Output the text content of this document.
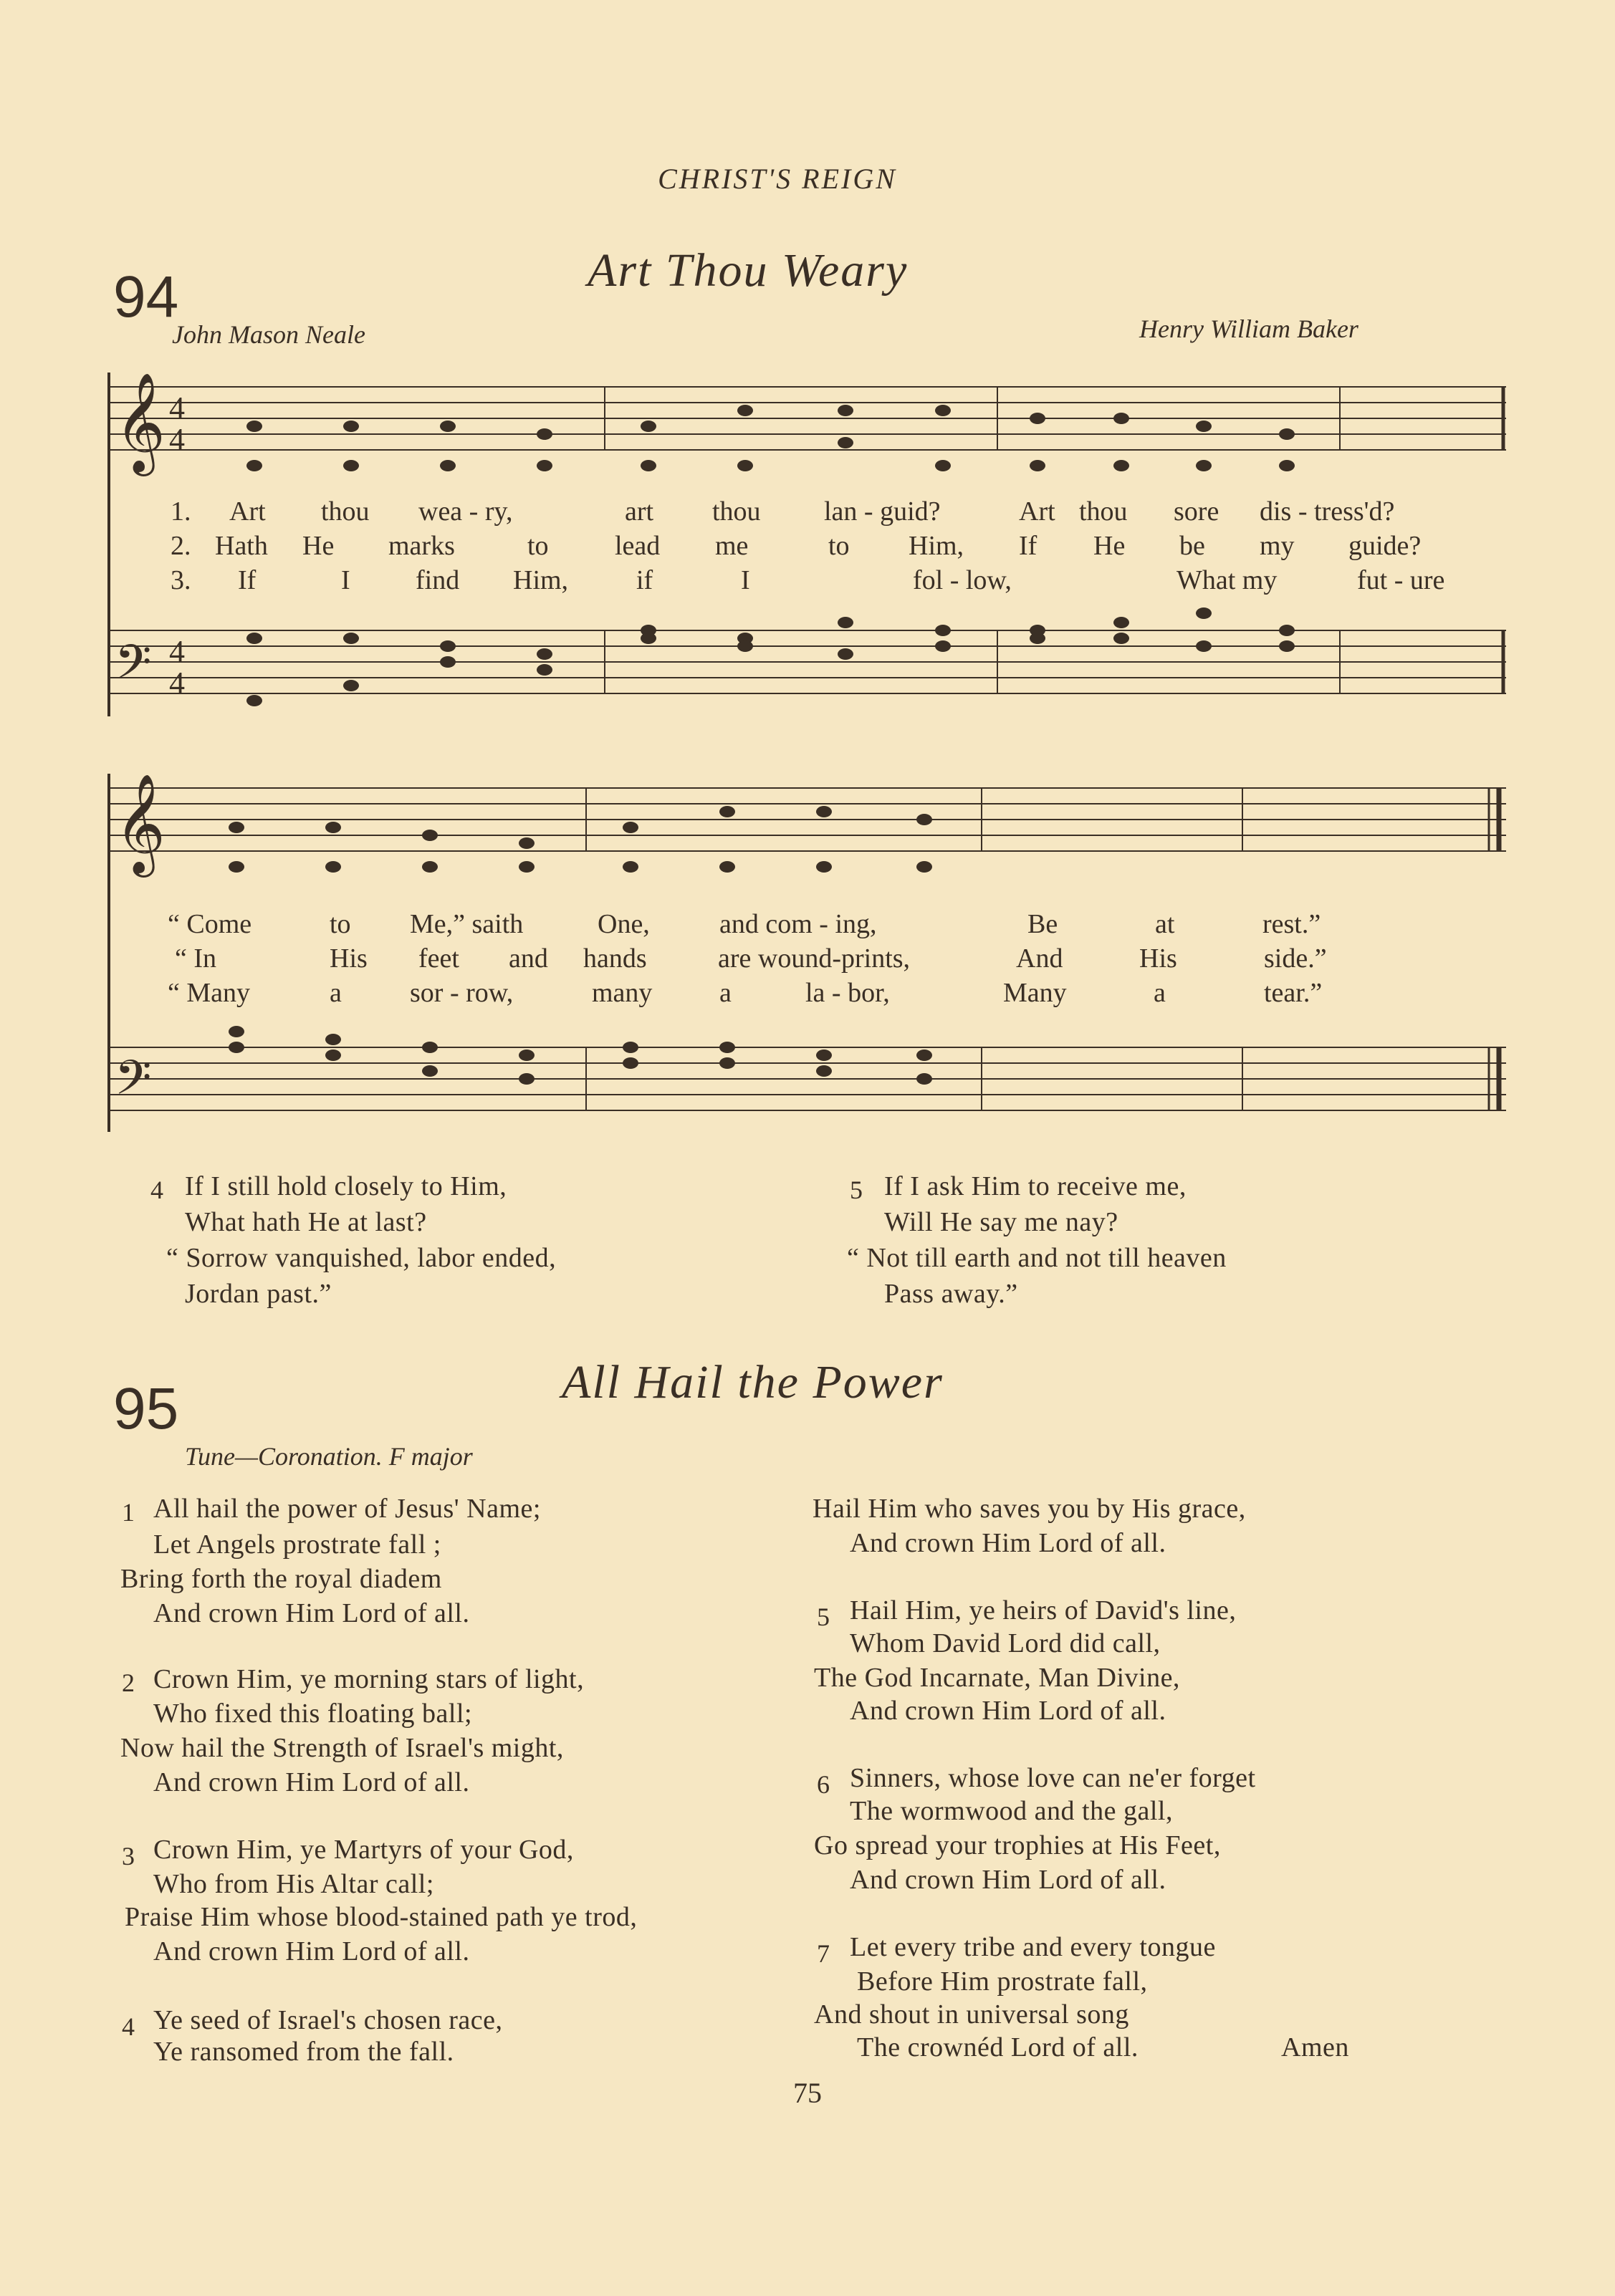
CHRIST'S REIGN
94	Art Thou Weary
John Mason Neale	Henry William Baker
𝄞
𝄢
4
4
4
4
𝄞
𝄢
1. Art thou wea - ry,	art thou lan - guid?	Art thou sore dis - tress'd?
2. Hath He marks	to lead me	to Him, If He be my guide?
3. If	I find Him, if	I	fol - low,	What my	fut - ure
“ Come	to Me,” saith	One,	and com - ing,	Be	at	rest.”
“ In	His feet and hands	are wound-prints,	And	His	side.”
“ Many	a	sor - row,	many a	la - bor,	Many	a	tear.”
4 If I still hold closely to Him,
What hath He at last?
“ Sorrow vanquished, labor ended,
Jordan past.”
5 If I ask Him to receive me,
Will He say me nay?
“ Not till earth and not till heaven
Pass away.”
95	All Hail the Power
Tune—Coronation. F major
1 All hail the power of Jesus' Name;
Let Angels prostrate fall ;
Bring forth the royal diadem
And crown Him Lord of all.
2 Crown Him, ye morning stars of light,
Who fixed this floating ball;
Now hail the Strength of Israel's might,
And crown Him Lord of all.
3 Crown Him, ye Martyrs of your God,
Who from His Altar call;
Praise Him whose blood-stained path ye trod,
And crown Him Lord of all.
4 Ye seed of Israel's chosen race,
Ye ransomed from the fall.
Hail Him who saves you by His grace,
And crown Him Lord of all.
5 Hail Him, ye heirs of David's line,
Whom David Lord did call,
The God Incarnate, Man Divine,
And crown Him Lord of all.
6 Sinners, whose love can ne'er forget
The wormwood and the gall,
Go spread your trophies at His Feet,
And crown Him Lord of all.
7 Let every tribe and every tongue
Before Him prostrate fall,
And shout in universal song
The crownéd Lord of all.	Amen
75
